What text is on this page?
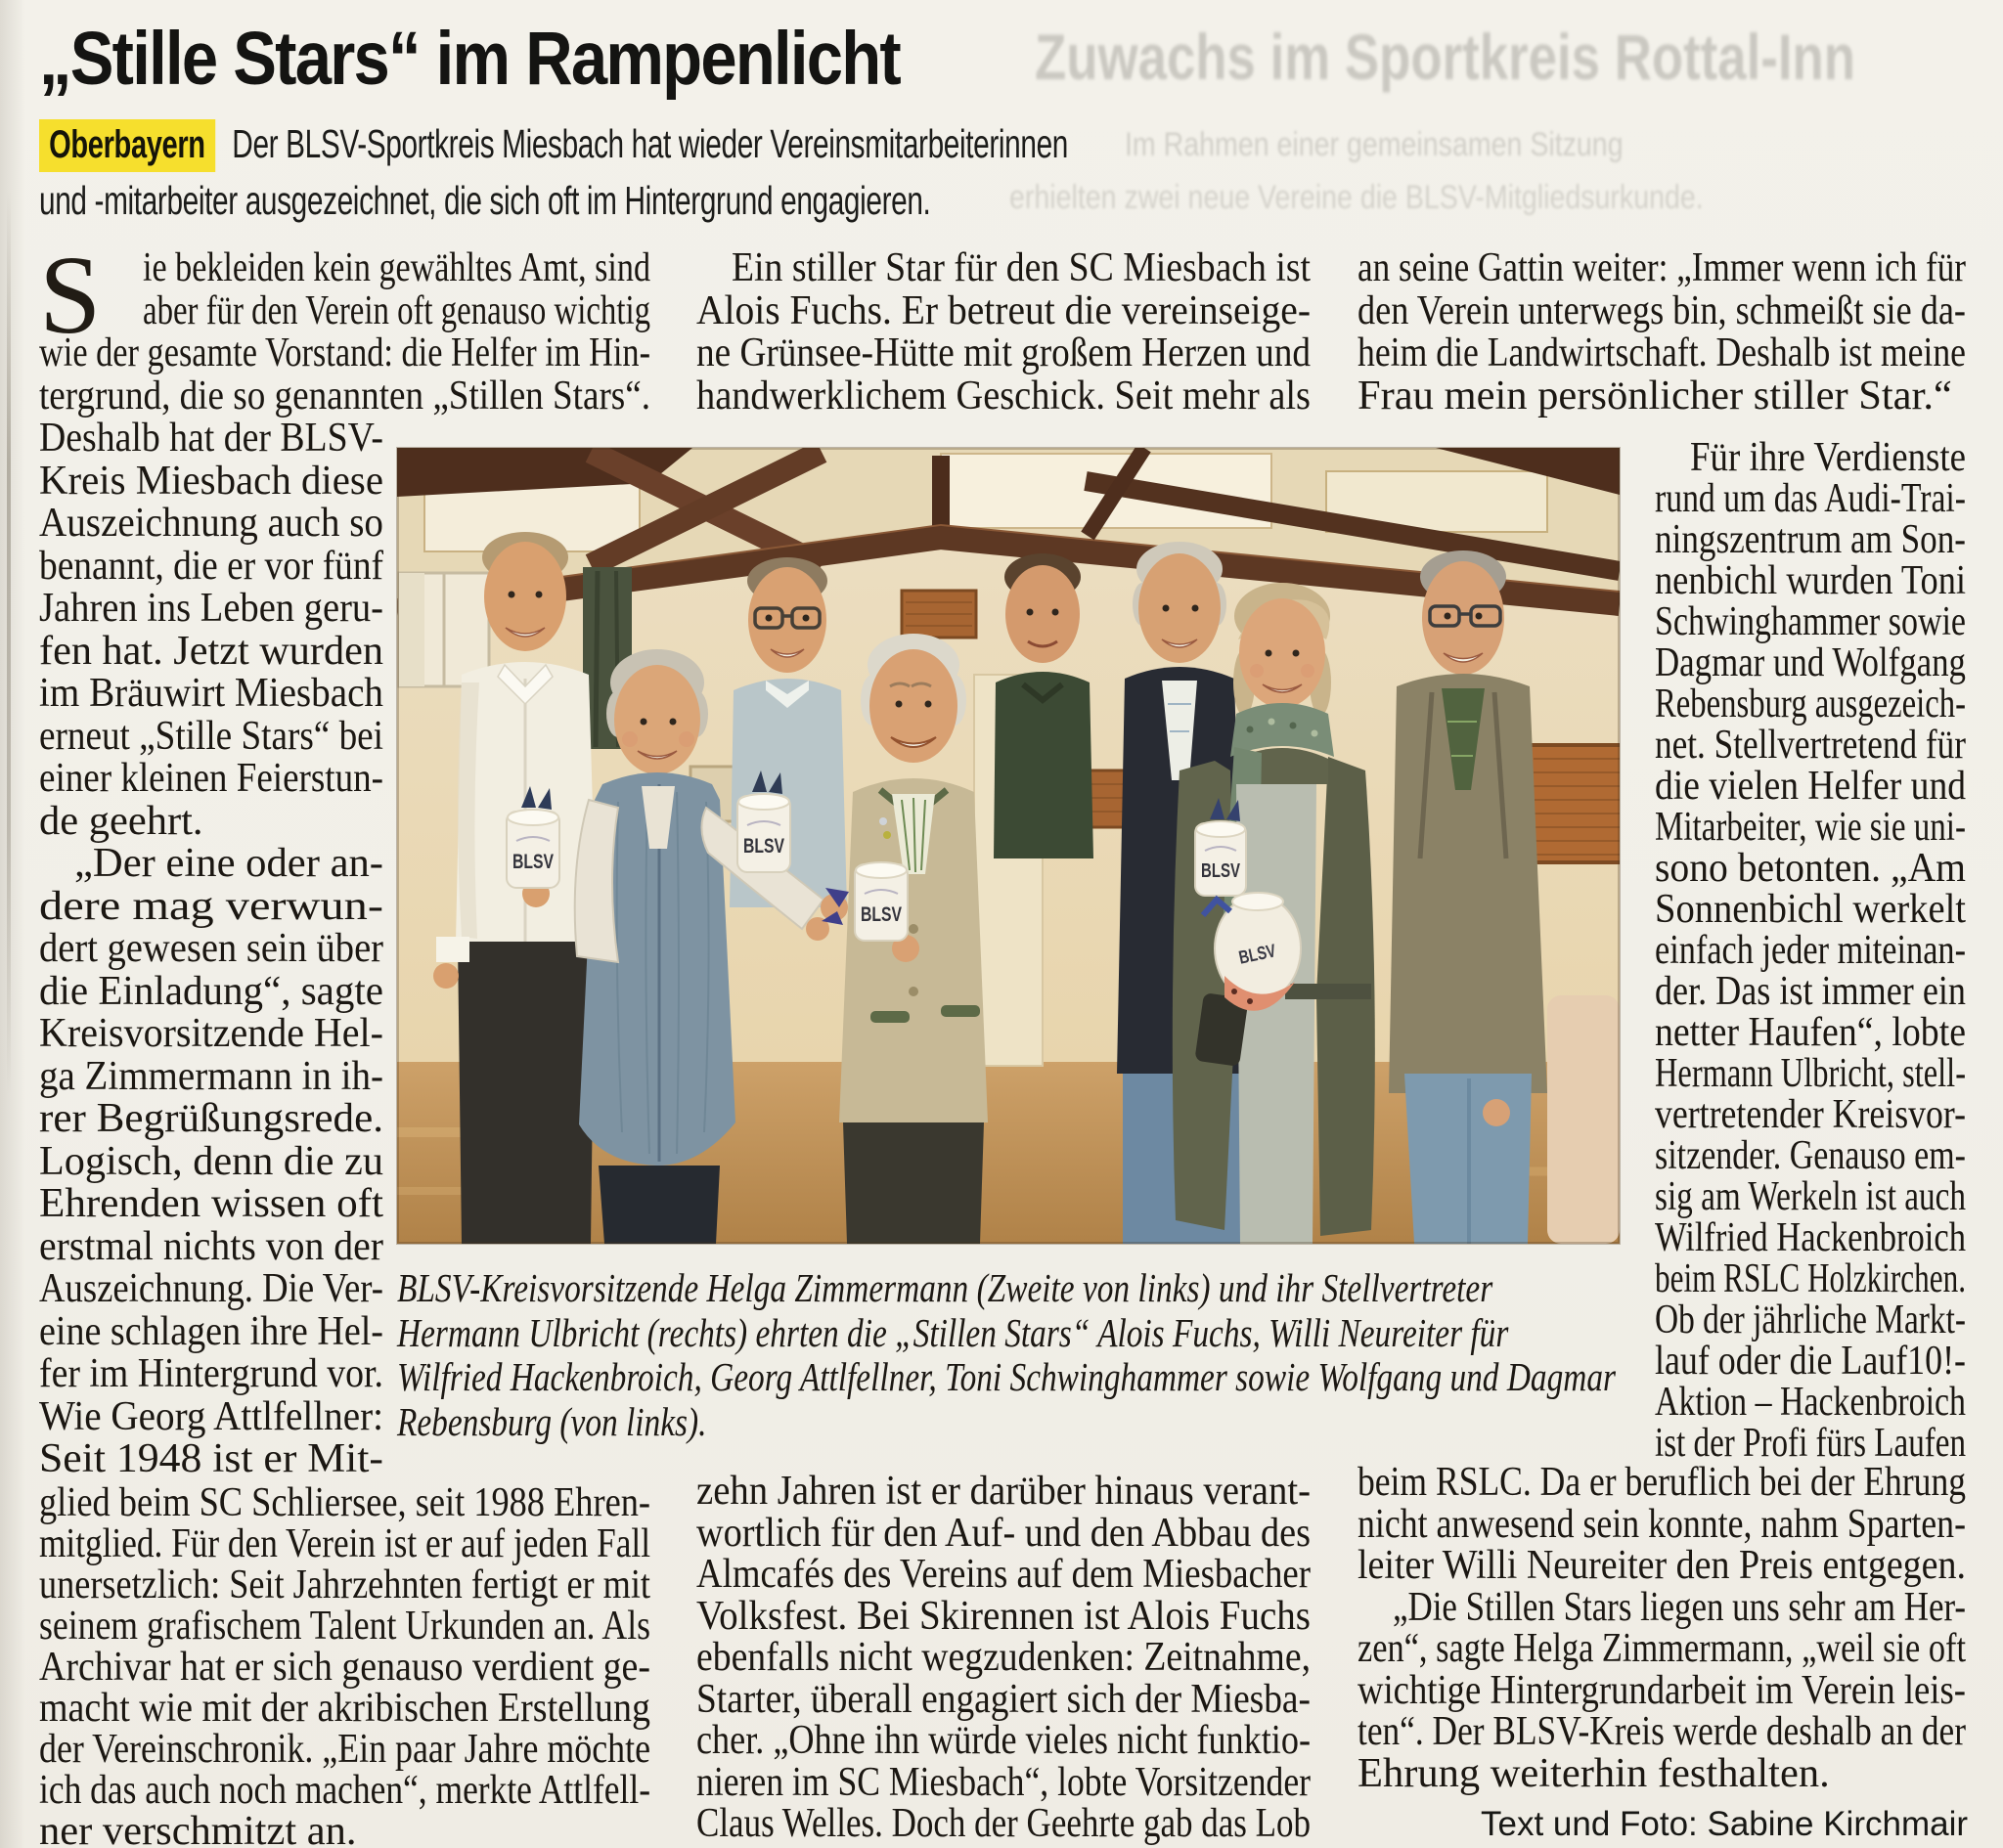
Zuwachs im Sportkreis Rottal-Inn
Im Rahmen einer gemeinsamen Sitzung
erhielten zwei neue Vereine die BLSV-Mitgliedsurkunde.
„Stille Stars“ im Rampenlicht
Oberbayern Der BLSV-Sportkreis Miesbach hat wieder Vereinsmitarbeiterinnen
und -mitarbeiter ausgezeichnet, die sich oft im Hintergrund engagieren.
S	ie bekleiden kein gewähltes Amt, sind
aber für den Verein oft genauso wichtig
wie der gesamte Vorstand: die Helfer im Hin-
tergrund, die so genannten „Stillen Stars“.
Deshalb hat der BLSV-
Kreis Miesbach diese
Auszeichnung auch so
benannt, die er vor fünf
Jahren ins Leben geru-
fen hat. Jetzt wurden
im Bräuwirt Miesbach
erneut „Stille Stars“ bei
einer kleinen Feierstun-
de geehrt.
„Der eine oder an-
dere mag verwun-
dert gewesen sein über
die Einladung“, sagte
Kreisvorsitzende Hel-
ga Zimmermann in ih-
rer Begrüßungsrede.
Logisch, denn die zu
Ehrenden wissen oft
erstmal nichts von der
Auszeichnung. Die Ver-
eine schlagen ihre Hel-
fer im Hintergrund vor.
Wie Georg Attlfellner:
Seit 1948 ist er Mit-
glied beim SC Schliersee, seit 1988 Ehren-
mitglied. Für den Verein ist er auf jeden Fall
unersetzlich: Seit Jahrzehnten fertigt er mit
seinem grafischem Talent Urkunden an. Als
Archivar hat er sich genauso verdient ge-
macht wie mit der akribischen Erstellung
der Vereinschronik. „Ein paar Jahre möchte
ich das auch noch machen“, merkte Attlfell-
ner verschmitzt an.
Ein stiller Star für den SC Miesbach ist
Alois Fuchs. Er betreut die vereinseige-
ne Grünsee-Hütte mit großem Herzen und
handwerklichem Geschick. Seit mehr als
zehn Jahren ist er darüber hinaus verant-
wortlich für den Auf- und den Abbau des
Almcafés des Vereins auf dem Miesbacher
Volksfest. Bei Skirennen ist Alois Fuchs
ebenfalls nicht wegzudenken: Zeitnahme,
Starter, überall engagiert sich der Miesba-
cher. „Ohne ihn würde vieles nicht funktio-
nieren im SC Miesbach“, lobte Vorsitzender
Claus Welles. Doch der Geehrte gab das Lob
an seine Gattin weiter: „Immer wenn ich für
den Verein unterwegs bin, schmeißt sie da-
heim die Landwirtschaft. Deshalb ist meine
Frau mein persönlicher stiller Star.“
Für ihre Verdienste
rund um das Audi-Trai-
ningszentrum am Son-
nenbichl wurden Toni
Schwinghammer sowie
Dagmar und Wolfgang
Rebensburg ausgezeich-
net. Stellvertretend für
die vielen Helfer und
Mitarbeiter, wie sie uni-
sono betonten. „Am
Sonnenbichl werkelt
einfach jeder miteinan-
der. Das ist immer ein
netter Haufen“, lobte
Hermann Ulbricht, stell-
vertretender Kreisvor-
sitzender. Genauso em-
sig am Werkeln ist auch
Wilfried Hackenbroich
beim RSLC Holzkirchen.
Ob der jährliche Markt-
lauf oder die Lauf10!-
Aktion – Hackenbroich
ist der Profi fürs Laufen
beim RSLC. Da er beruflich bei der Ehrung
nicht anwesend sein konnte, nahm Sparten-
leiter Willi Neureiter den Preis entgegen.
„Die Stillen Stars liegen uns sehr am Her-
zen“, sagte Helga Zimmermann, „weil sie oft
wichtige Hintergrundarbeit im Verein leis-
ten“. Der BLSV-Kreis werde deshalb an der
Ehrung weiterhin festhalten.
BLSV
BLSV
BLSV
BLSV
BLSV
BLSV-Kreisvorsitzende Helga Zimmermann (Zweite von links) und ihr Stellvertreter
Hermann Ulbricht (rechts) ehrten die „Stillen Stars“ Alois Fuchs, Willi Neureiter für
Wilfried Hackenbroich, Georg Attlfellner, Toni Schwinghammer sowie Wolfgang und Dagmar
Rebensburg (von links).
Text und Foto: Sabine Kirchmair
